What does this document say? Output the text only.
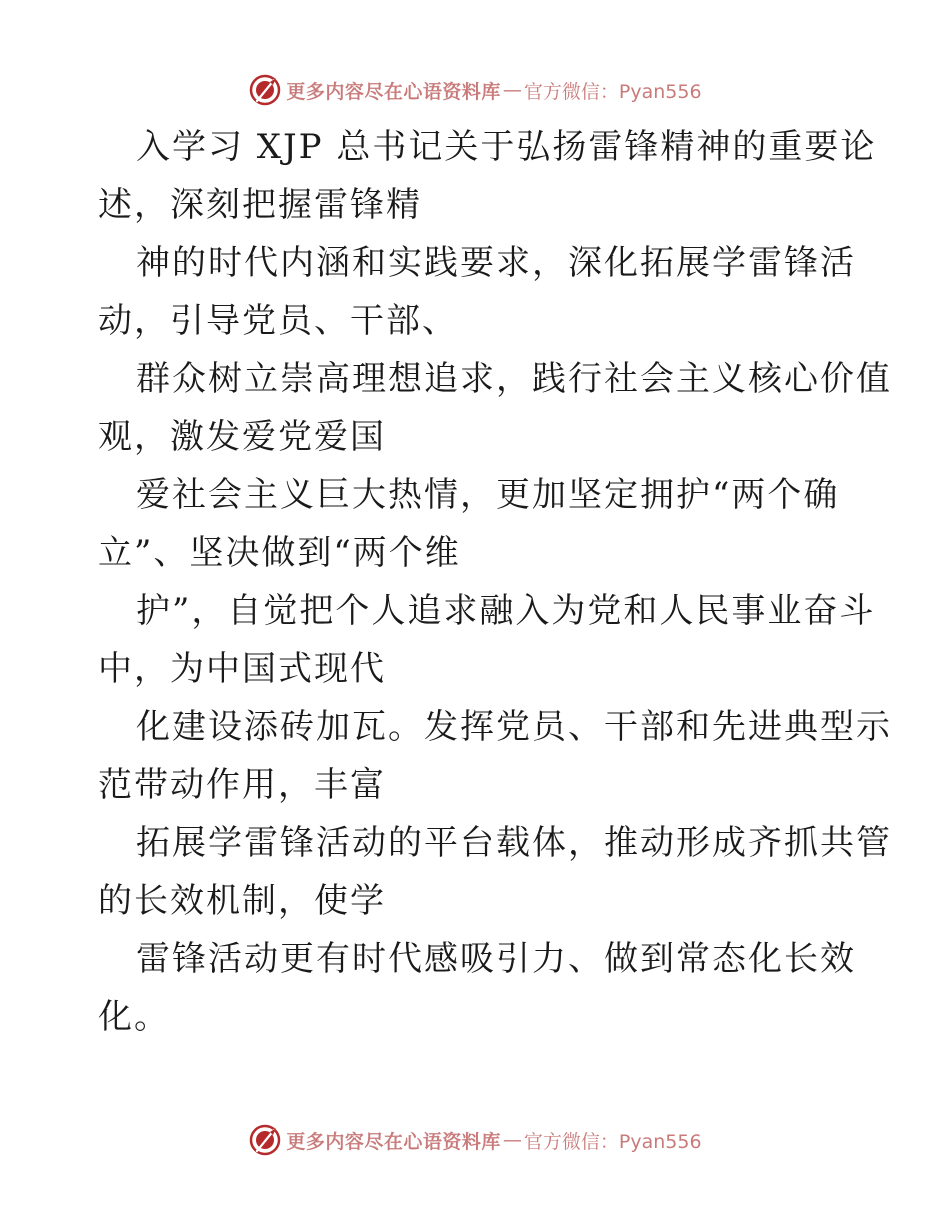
更多内容尽在心语资料库 — 官方微信：Pyan556
入学习 XJP 总书记关于弘扬雷锋精神的重要论
述，深刻把握雷锋精
神的时代内涵和实践要求，深化拓展学雷锋活
动，引导党员、干部、
群众树立崇高理想追求，践行社会主义核心价值
观，激发爱党爱国
爱社会主义巨大热情，更加坚定拥护“两个确
立”、坚决做到“两个维
护”，自觉把个人追求融入为党和人民事业奋斗
中，为中国式现代
化建设添砖加瓦。发挥党员、干部和先进典型示
范带动作用，丰富
拓展学雷锋活动的平台载体，推动形成齐抓共管
的长效机制，使学
雷锋活动更有时代感吸引力、做到常态化长效
化。
更多内容尽在心语资料库 — 官方微信：Pyan556
